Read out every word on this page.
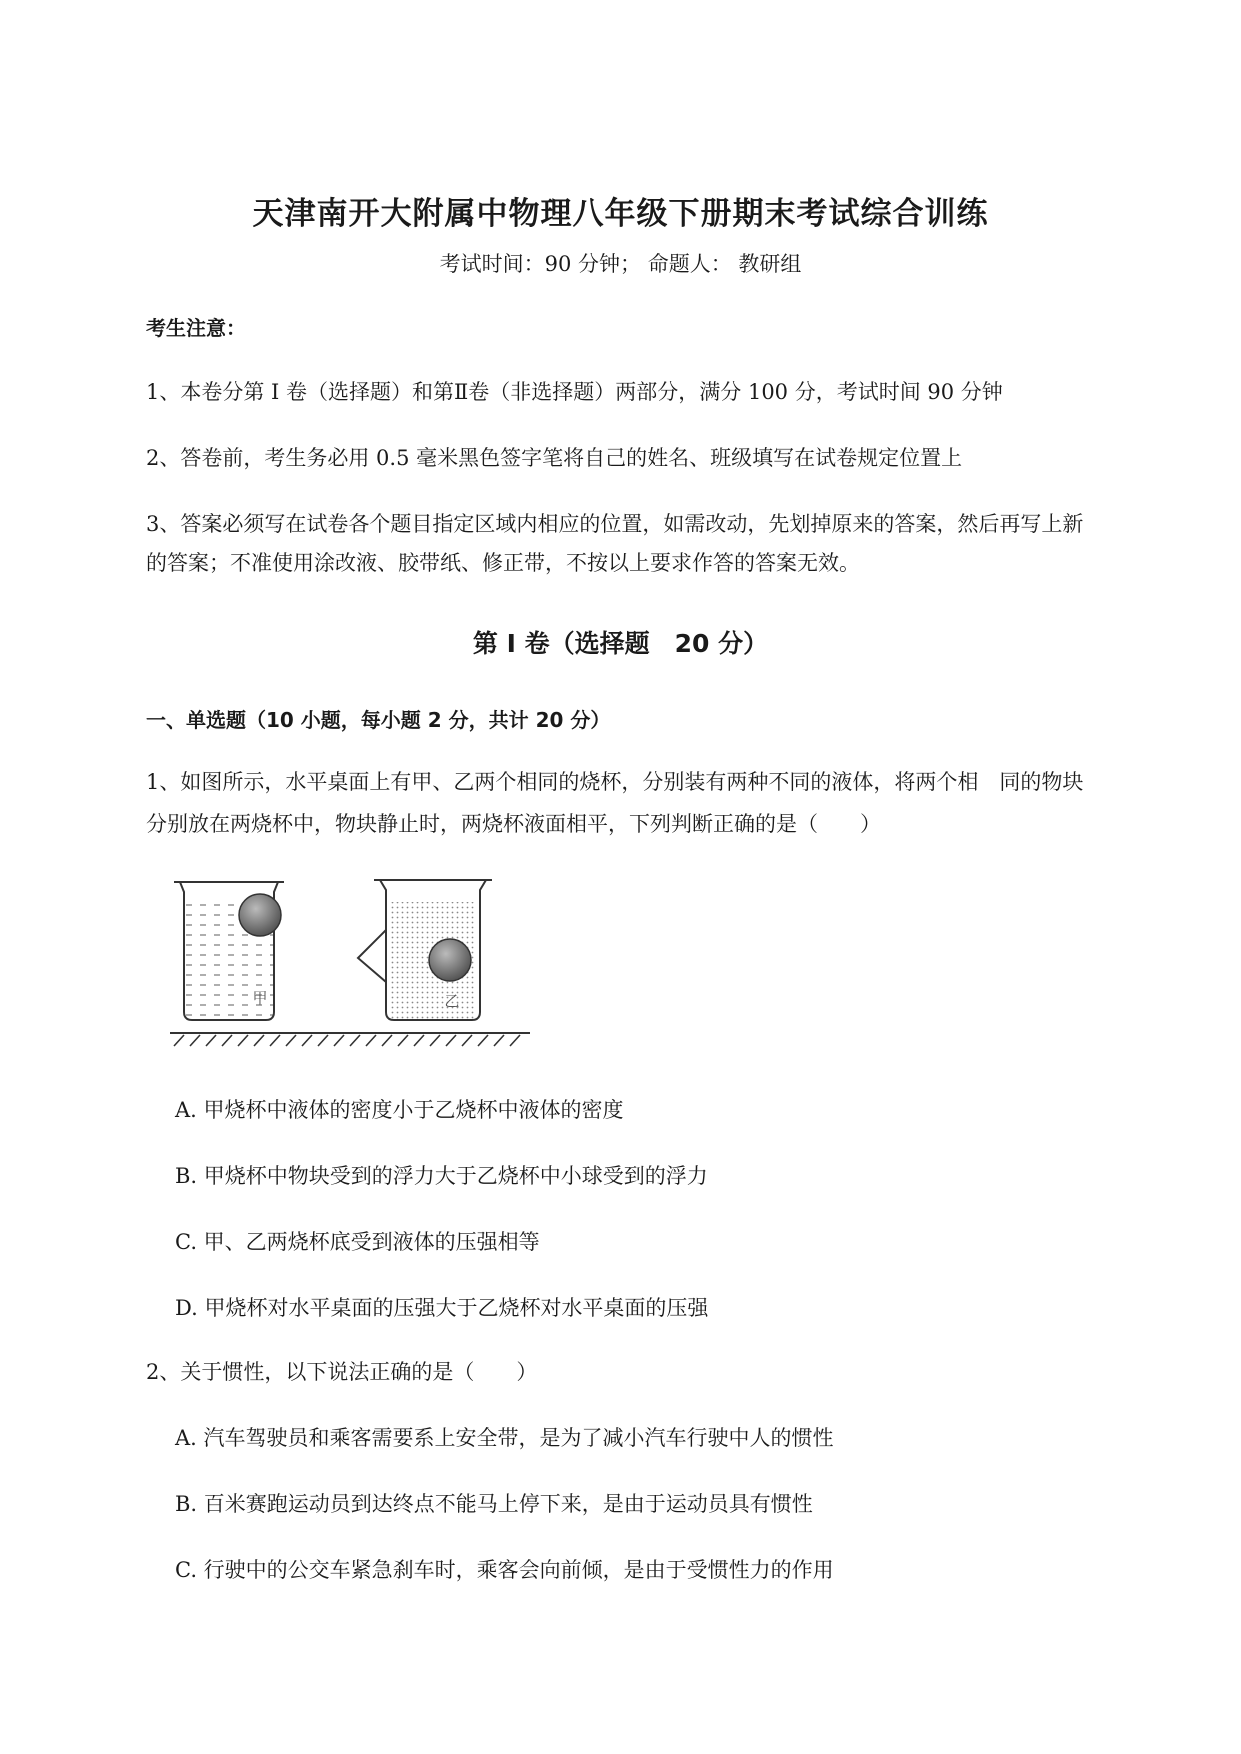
天津南开大附属中物理八年级下册期末考试综合训练
考试时间：90 分钟； 命题人： 教研组
考生注意：
1、本卷分第 I 卷（选择题）和第Ⅱ卷（非选择题）两部分，满分 100 分，考试时间 90 分钟
2、答卷前，考生务必用 0.5 毫米黑色签字笔将自己的姓名、班级填写在试卷规定位置上
3、答案必须写在试卷各个题目指定区域内相应的位置，如需改动，先划掉原来的答案，然后再写上新
的答案；不准使用涂改液、胶带纸、修正带，不按以上要求作答的答案无效。
第 I 卷（选择题　20 分）
一、单选题（10 小题，每小题 2 分，共计 20 分）
1、如图所示，水平桌面上有甲、乙两个相同的烧杯，分别装有两种不同的液体，将两个相　同的物块
分别放在两烧杯中，物块静止时，两烧杯液面相平，下列判断正确的是（　　）
甲	乙
A. 甲烧杯中液体的密度小于乙烧杯中液体的密度
B. 甲烧杯中物块受到的浮力大于乙烧杯中小球受到的浮力
C. 甲、乙两烧杯底受到液体的压强相等
D. 甲烧杯对水平桌面的压强大于乙烧杯对水平桌面的压强
2、关于惯性，以下说法正确的是（　　）
A. 汽车驾驶员和乘客需要系上安全带，是为了减小汽车行驶中人的惯性
B. 百米赛跑运动员到达终点不能马上停下来，是由于运动员具有惯性
C. 行驶中的公交车紧急刹车时，乘客会向前倾，是由于受惯性力的作用
